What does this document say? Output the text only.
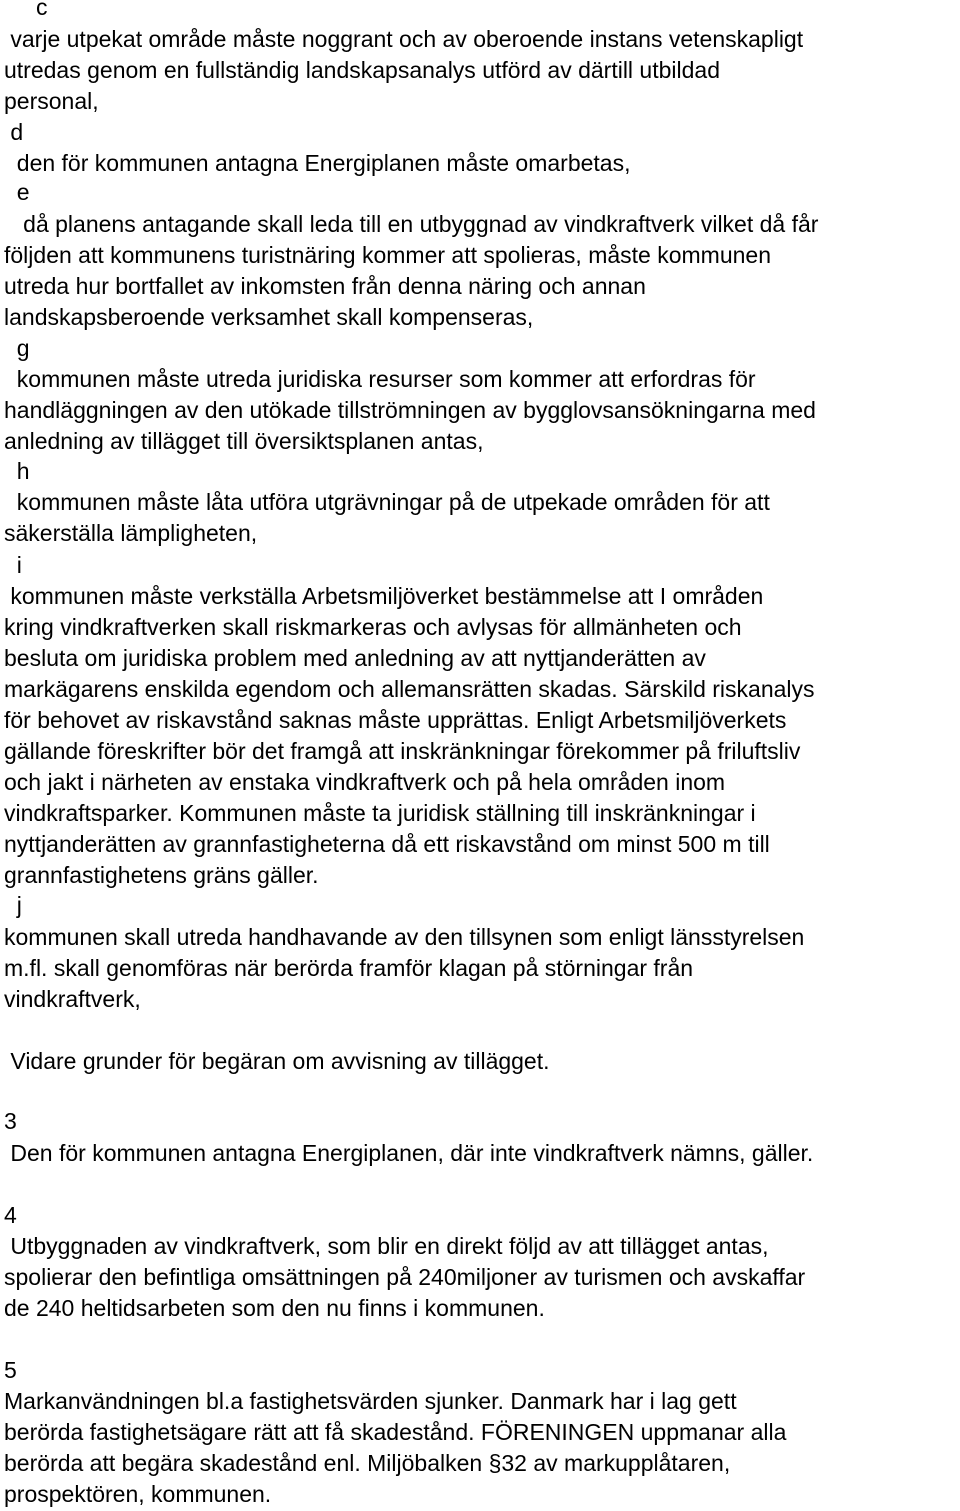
c
varje utpekat område måste noggrant och av oberoende instans vetenskapligt
utredas genom en fullständig landskapsanalys utförd av därtill utbildad
personal,
d
den för kommunen antagna Energiplanen måste omarbetas,
e
då planens antagande skall leda till en utbyggnad av vindkraftverk vilket då får
följden att kommunens turistnäring kommer att spolieras, måste kommunen
utreda hur bortfallet av inkomsten från denna näring och annan
landskapsberoende verksamhet skall kompenseras,
g
kommunen måste utreda juridiska resurser som kommer att erfordras för
handläggningen av den utökade tillströmningen av bygglovsansökningarna med
anledning av tillägget till översiktsplanen antas,
h
kommunen måste låta utföra utgrävningar på de utpekade områden för att
säkerställa lämpligheten,
i
kommunen måste verkställa Arbetsmiljöverket bestämmelse att I områden
kring vindkraftverken skall riskmarkeras och avlysas för allmänheten och
besluta om juridiska problem med anledning av att nyttjanderätten av
markägarens enskilda egendom och allemansrätten skadas. Särskild riskanalys
för behovet av riskavstånd saknas måste upprättas. Enligt Arbetsmiljöverkets
gällande föreskrifter bör det framgå att inskränkningar förekommer på friluftsliv
och jakt i närheten av enstaka vindkraftverk och på hela områden inom
vindkraftsparker. Kommunen måste ta juridisk ställning till inskränkningar i
nyttjanderätten av grannfastigheterna då ett riskavstånd om minst 500 m till
grannfastighetens gräns gäller.
j
kommunen skall utreda handhavande av den tillsynen som enligt länsstyrelsen
m.fl. skall genomföras när berörda framför klagan på störningar från
vindkraftverk,
Vidare grunder för begäran om avvisning av tillägget.
3
Den för kommunen antagna Energiplanen, där inte vindkraftverk nämns, gäller.
4
Utbyggnaden av vindkraftverk, som blir en direkt följd av att tillägget antas,
spolierar den befintliga omsättningen på 240miljoner av turismen och avskaffar
de 240 heltidsarbeten som den nu finns i kommunen.
5
Markanvändningen bl.a fastighetsvärden sjunker. Danmark har i lag gett
berörda fastighetsägare rätt att få skadestånd. FÖRENINGEN uppmanar alla
berörda att begära skadestånd enl. Miljöbalken §32 av markupplåtaren,
prospektören, kommunen.
